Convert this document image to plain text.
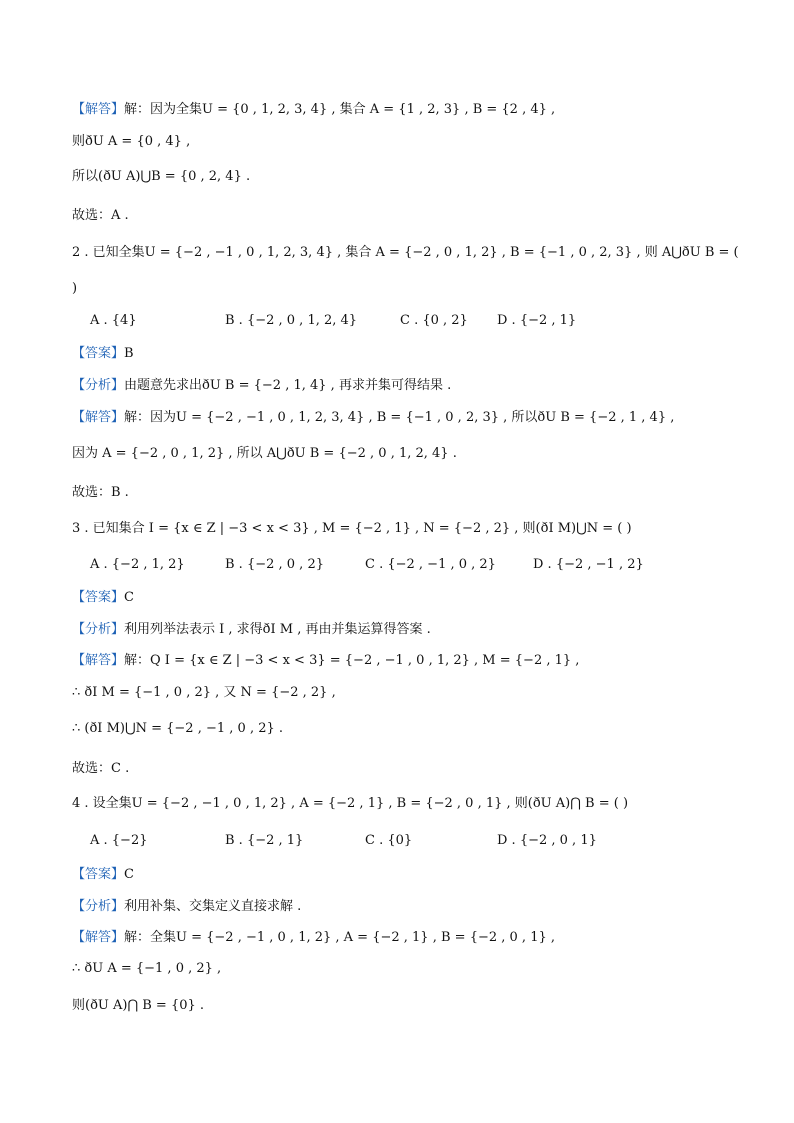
【解答】解：因为全集U = {0 , 1, 2, 3, 4} , 集合 A = {1 , 2, 3} , B = {2 , 4} ,
则ðU A = {0 , 4} ,
所以(ðU A)⋃B = {0 , 2, 4} .
故选：A .
2 . 已知全集U = {−2 , −1 , 0 , 1, 2, 3, 4} , 集合 A = {−2 , 0 , 1, 2} , B = {−1 , 0 , 2, 3} , 则 A⋃ðU B = (
)
A . {4}	B . {−2 , 0 , 1, 2, 4}	C . {0 , 2} D . {−2 , 1}
【答案】B
【分析】由题意先求出ðU B = {−2 , 1, 4} , 再求并集可得结果 .
【解答】解：因为U = {−2 , −1 , 0 , 1, 2, 3, 4} , B = {−1 , 0 , 2, 3} , 所以ðU B = {−2 , 1 , 4} ,
因为 A = {−2 , 0 , 1, 2} , 所以 A⋃ðU B = {−2 , 0 , 1, 2, 4} .
故选：B .
3 . 已知集合 I = {x ∈ Z | −3 < x < 3} , M = {−2 , 1} , N = {−2 , 2} , 则(ðI M)⋃N = ( )
A . {−2 , 1, 2}	B . {−2 , 0 , 2}	C . {−2 , −1 , 0 , 2}	D . {−2 , −1 , 2}
【答案】C
【分析】利用列举法表示 I , 求得ðI M , 再由并集运算得答案 .
【解答】解：Q I = {x ∈ Z | −3 < x < 3} = {−2 , −1 , 0 , 1, 2} , M = {−2 , 1} ,
∴ ðI M = {−1 , 0 , 2} , 又 N = {−2 , 2} ,
∴ (ðI M)⋃N = {−2 , −1 , 0 , 2} .
故选：C .
4 . 设全集U = {−2 , −1 , 0 , 1, 2} , A = {−2 , 1} , B = {−2 , 0 , 1} , 则(ðU A)⋂ B = ( )
A . {−2}	B . {−2 , 1}	C . {0}	D . {−2 , 0 , 1}
【答案】C
【分析】利用补集、交集定义直接求解 .
【解答】解：全集U = {−2 , −1 , 0 , 1, 2} , A = {−2 , 1} , B = {−2 , 0 , 1} ,
∴ ðU A = {−1 , 0 , 2} ,
则(ðU A)⋂ B = {0} .
